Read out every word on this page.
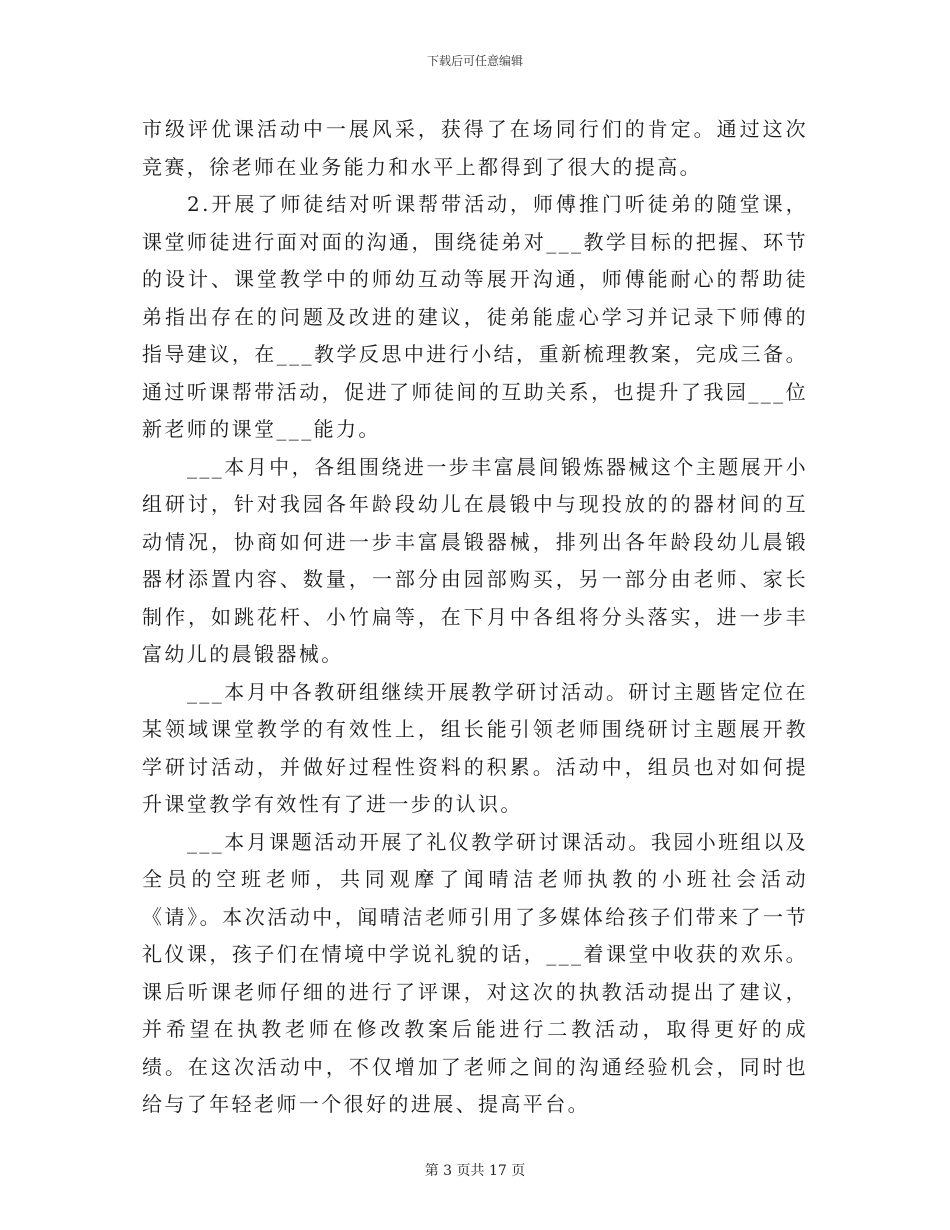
下载后可任意编辑

市级评优课活动中一展风采，获得了在场同行们的肯定。通过这次竞赛，徐老师在业务能力和水平上都得到了很大的提高。

2.开展了师徒结对听课帮带活动，师傅推门听徒弟的随堂课，课堂师徒进行面对面的沟通，围绕徒弟对___教学目标的把握、环节的设计、课堂教学中的师幼互动等展开沟通，师傅能耐心的帮助徒弟指出存在的问题及改进的建议，徒弟能虚心学习并记录下师傅的指导建议，在___教学反思中进行小结，重新梳理教案，完成三备。通过听课帮带活动，促进了师徒间的互助关系，也提升了我园___位新老师的课堂___能力。

___本月中，各组围绕进一步丰富晨间锻炼器械这个主题展开小组研讨，针对我园各年龄段幼儿在晨锻中与现投放的的器材间的互动情况，协商如何进一步丰富晨锻器械，排列出各年龄段幼儿晨锻器材添置内容、数量，一部分由园部购买，另一部分由老师、家长制作，如跳花杆、小竹扁等，在下月中各组将分头落实，进一步丰富幼儿的晨锻器械。

___本月中各教研组继续开展教学研讨活动。研讨主题皆定位在某领域课堂教学的有效性上，组长能引领老师围绕研讨主题展开教学研讨活动，并做好过程性资料的积累。活动中，组员也对如何提升课堂教学有效性有了进一步的认识。

___本月课题活动开展了礼仪教学研讨课活动。我园小班组以及全员的空班老师，共同观摩了闻晴洁老师执教的小班社会活动《请》。本次活动中，闻晴洁老师引用了多媒体给孩子们带来了一节礼仪课，孩子们在情境中学说礼貌的话，___着课堂中收获的欢乐。课后听课老师仔细的进行了评课，对这次的执教活动提出了建议，并希望在执教老师在修改教案后能进行二教活动，取得更好的成绩。在这次活动中，不仅增加了老师之间的沟通经验机会，同时也给与了年轻老师一个很好的进展、提高平台。

第 3 页共 17 页
